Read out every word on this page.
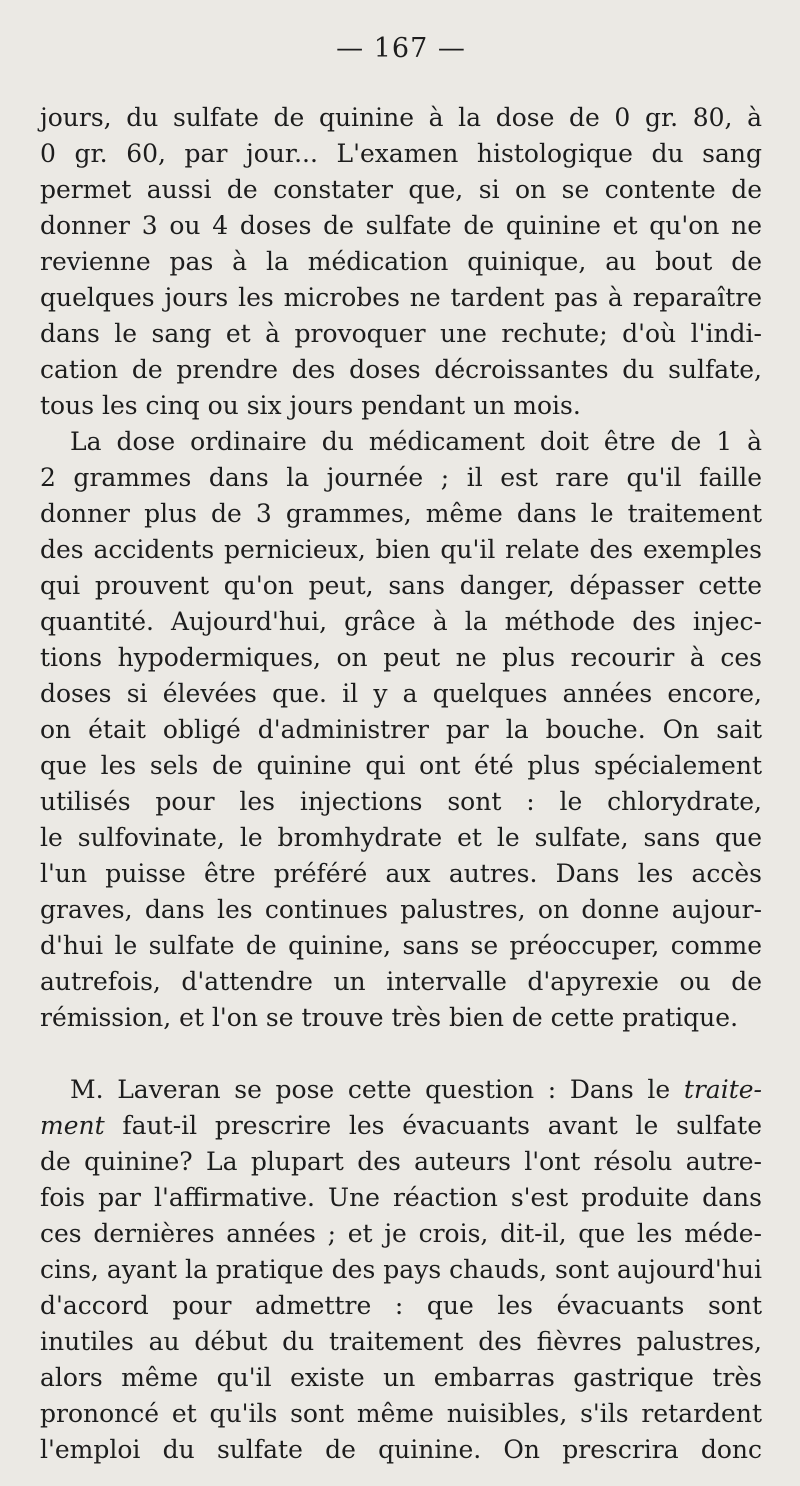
— 167 —
jours, du sulfate de quinine à la dose de 0 gr. 80, à
0 gr. 60, par jour... L'examen histologique du sang
permet aussi de constater que, si on se contente de
donner 3 ou 4 doses de sulfate de quinine et qu'on ne
revienne pas à la médication quinique, au bout de
quelques jours les microbes ne tardent pas à reparaître
dans le sang et à provoquer une rechute; d'où l'indi-
cation de prendre des doses décroissantes du sulfate,
tous les cinq ou six jours pendant un mois.
La dose ordinaire du médicament doit être de 1 à
2 grammes dans la journée ; il est rare qu'il faille
donner plus de 3 grammes, même dans le traitement
des accidents pernicieux, bien qu'il relate des exemples
qui prouvent qu'on peut, sans danger, dépasser cette
quantité. Aujourd'hui, grâce à la méthode des injec-
tions hypodermiques, on peut ne plus recourir à ces
doses si élevées que. il y a quelques années encore,
on était obligé d'administrer par la bouche. On sait
que les sels de quinine qui ont été plus spécialement
utilisés pour les injections sont : le chlorydrate,
le sulfovinate, le bromhydrate et le sulfate, sans que
l'un puisse être préféré aux autres. Dans les accès
graves, dans les continues palustres, on donne aujour-
d'hui le sulfate de quinine, sans se préoccuper, comme
autrefois, d'attendre un intervalle d'apyrexie ou de
rémission, et l'on se trouve très bien de cette pratique.
M. Laveran se pose cette question : Dans le traite-
ment faut-il prescrire les évacuants avant le sulfate
de quinine? La plupart des auteurs l'ont résolu autre-
fois par l'affirmative. Une réaction s'est produite dans
ces dernières années ; et je crois, dit-il, que les méde-
cins, ayant la pratique des pays chauds, sont aujourd'hui
d'accord pour admettre : que les évacuants sont
inutiles au début du traitement des fièvres palustres,
alors même qu'il existe un embarras gastrique très
prononcé et qu'ils sont même nuisibles, s'ils retardent
l'emploi du sulfate de quinine. On prescrira donc
